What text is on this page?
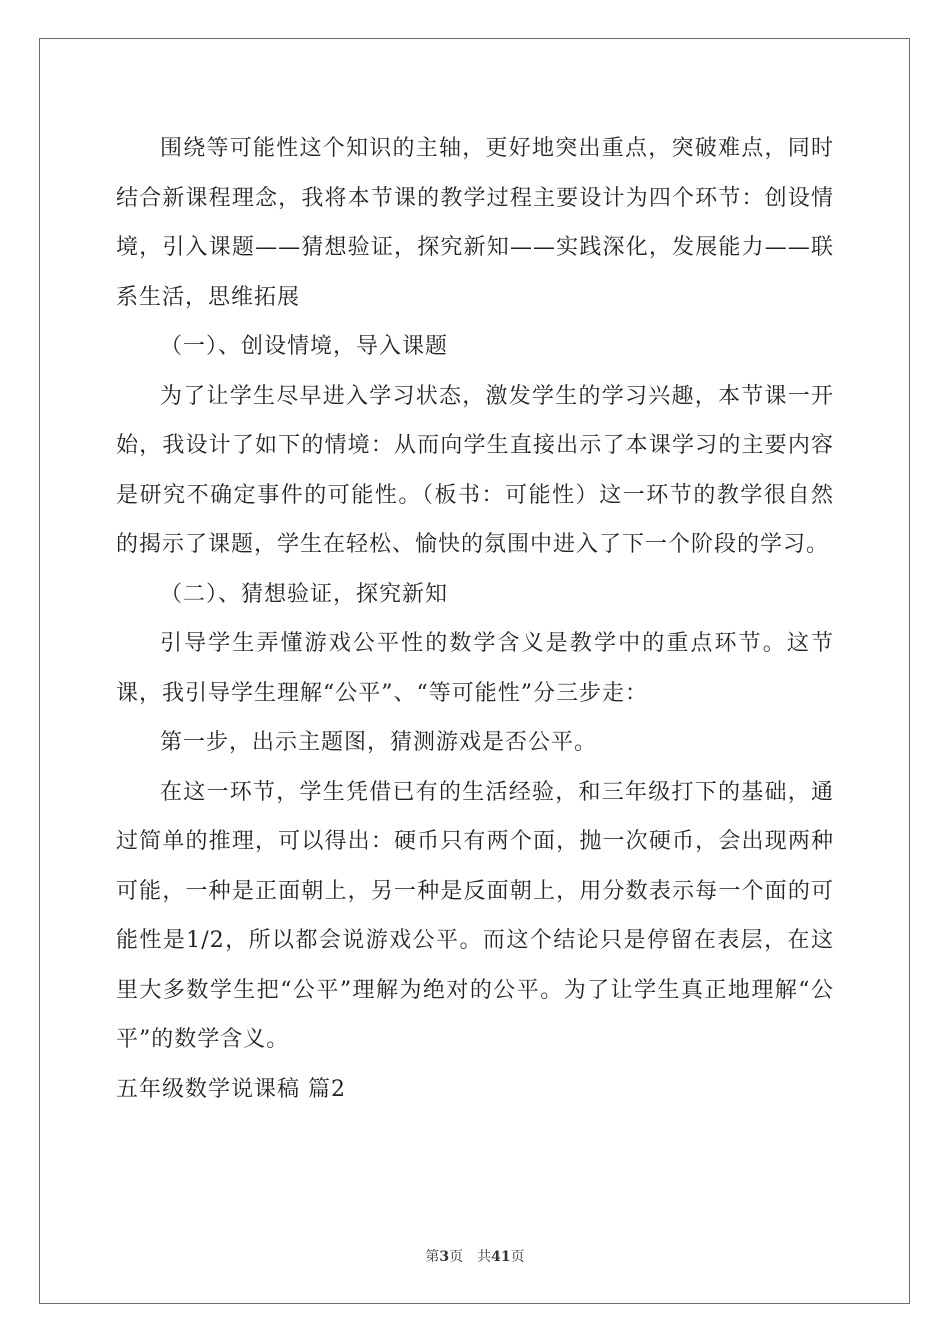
围绕等可能性这个知识的主轴，更好地突出重点，突破难点，同时结合新课程理念，我将本节课的教学过程主要设计为四个环节：创设情境，引入课题——猜想验证，探究新知——实践深化，发展能力——联系生活，思维拓展

（一）、创设情境，导入课题

为了让学生尽早进入学习状态，激发学生的学习兴趣，本节课一开始，我设计了如下的情境：从而向学生直接出示了本课学习的主要内容是研究不确定事件的可能性。（板书：可能性）这一环节的教学很自然的揭示了课题，学生在轻松、愉快的氛围中进入了下一个阶段的学习。

（二）、猜想验证，探究新知

引导学生弄懂游戏公平性的数学含义是教学中的重点环节。这节课，我引导学生理解“公平”、“等可能性”分三步走：

第一步，出示主题图，猜测游戏是否公平。

在这一环节，学生凭借已有的生活经验，和三年级打下的基础，通过简单的推理，可以得出：硬币只有两个面，抛一次硬币，会出现两种可能，一种是正面朝上，另一种是反面朝上，用分数表示每一个面的可能性是1/2，所以都会说游戏公平。而这个结论只是停留在表层，在这里大多数学生把“公平”理解为绝对的公平。为了让学生真正地理解“公平”的数学含义。

五年级数学说课稿 篇2

第3页 共41页
